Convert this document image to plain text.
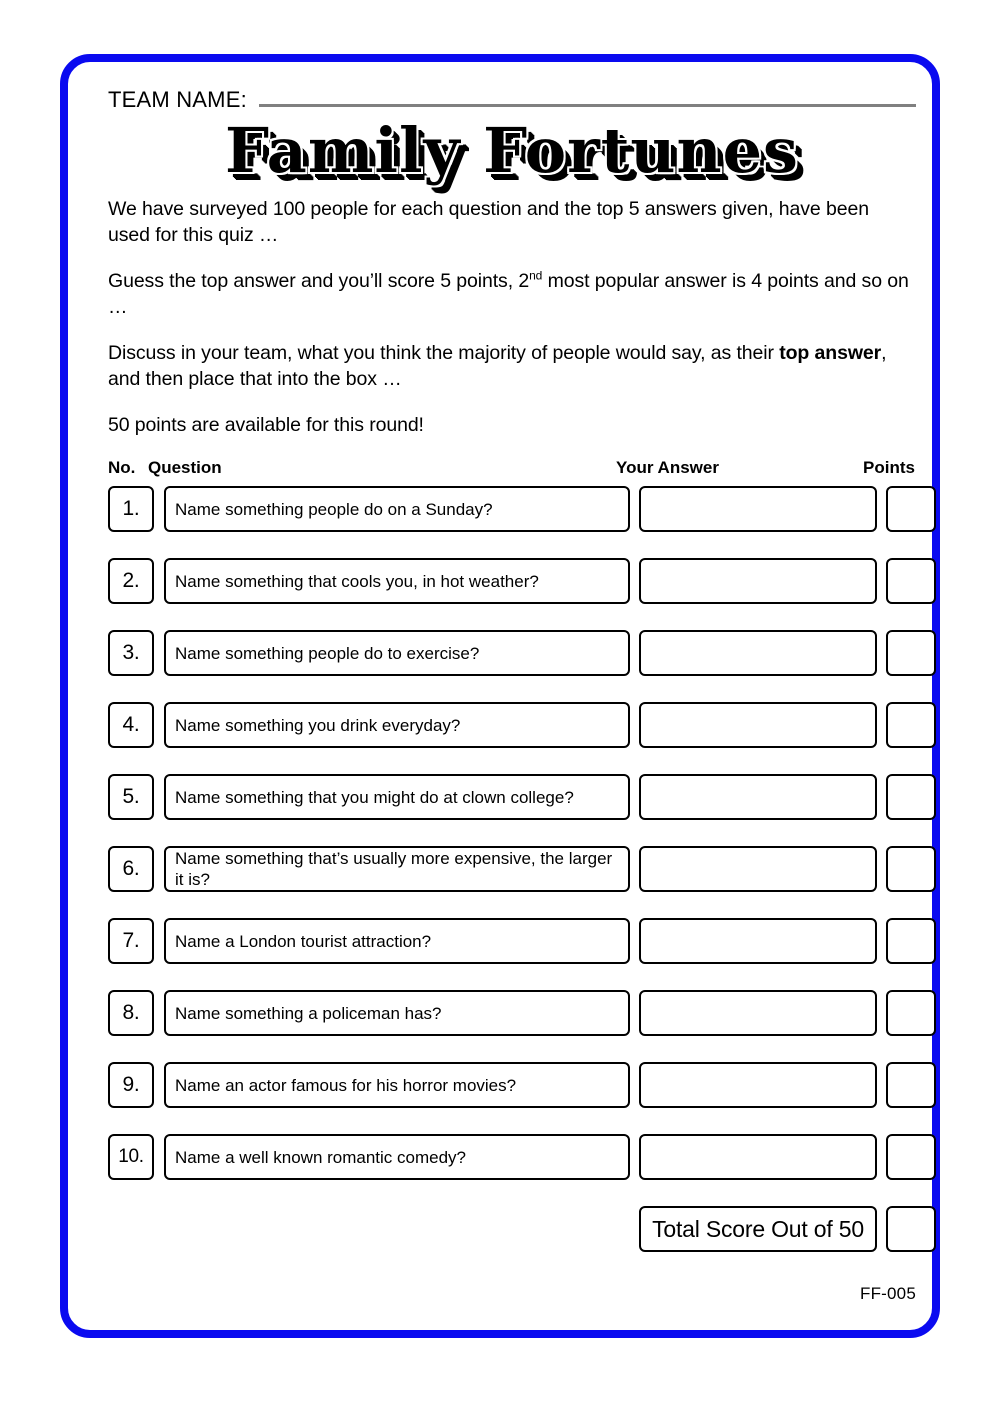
TEAM NAME:
Family Fortunes

We have surveyed 100 people for each question and the top 5 answers given, have been used for this quiz …

Guess the top answer and you’ll score 5 points, 2nd most popular answer is 4 points and so on …

Discuss in your team, what you think the majority of people would say, as their top answer, and then place that into the box …

50 points are available for this round!

No. Question	Your Answer	Points
1.	Name something people do on a Sunday?
2.	Name something that cools you, in hot weather?
3.	Name something people do to exercise?
4.	Name something you drink everyday?
5.	Name something that you might do at clown college?
6.	Name something that’s usually more expensive, the larger it is?
7.	Name a London tourist attraction?
8.	Name something a policeman has?
9.	Name an actor famous for his horror movies?
10.	Name a well known romantic comedy?
Total Score Out of 50
FF-005
